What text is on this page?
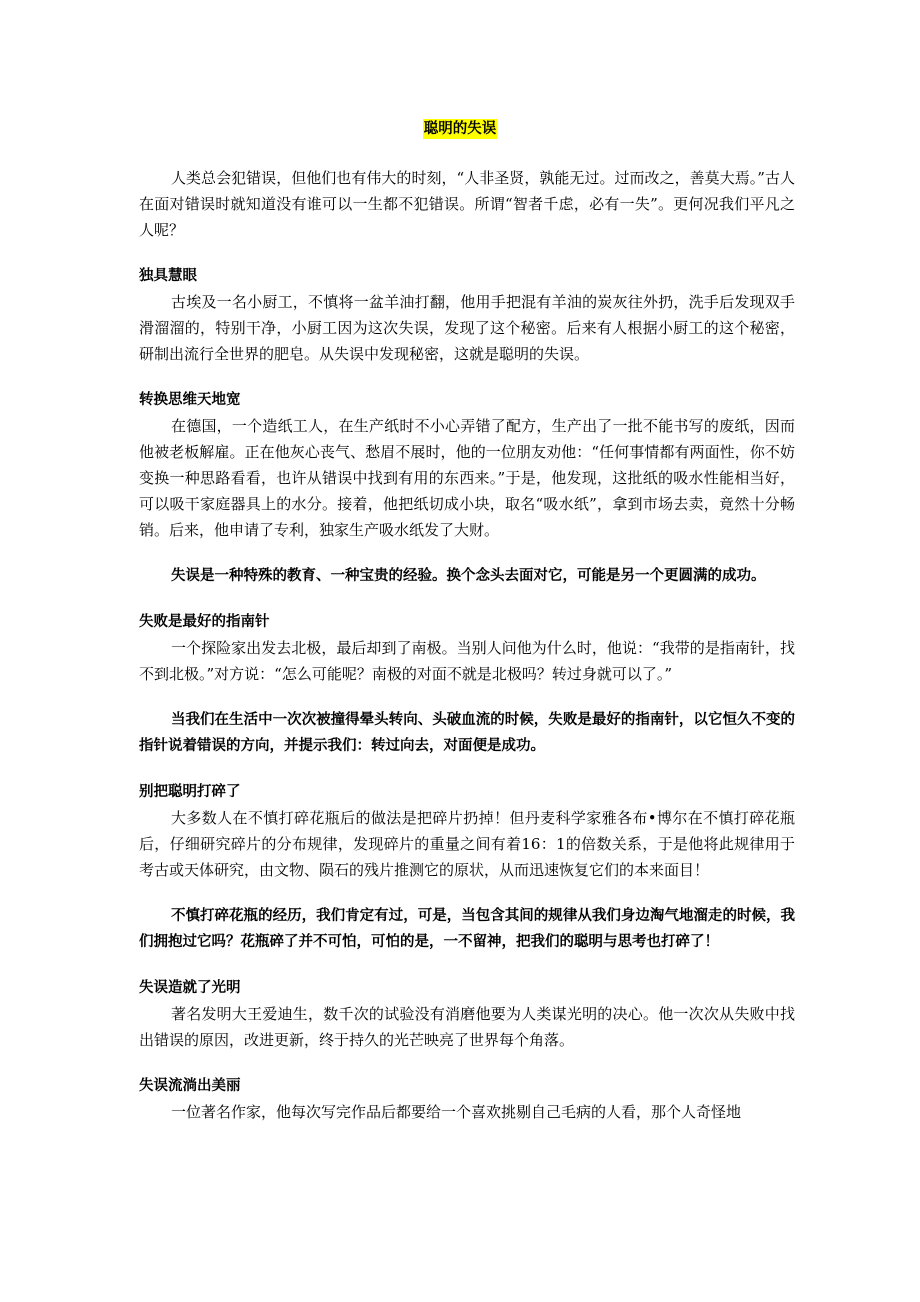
聪明的失误

人类总会犯错误，但他们也有伟大的时刻，“人非圣贤，孰能无过。过而改之，善莫大焉。”古人在面对错误时就知道没有谁可以一生都不犯错误。所谓“智者千虑，必有一失”。更何况我们平凡之人呢？

独具慧眼

古埃及一名小厨工，不慎将一盆羊油打翻，他用手把混有羊油的炭灰往外扔，洗手后发现双手滑溜溜的，特别干净，小厨工因为这次失误，发现了这个秘密。后来有人根据小厨工的这个秘密，研制出流行全世界的肥皂。从失误中发现秘密，这就是聪明的失误。

转换思维天地宽

在德国，一个造纸工人，在生产纸时不小心弄错了配方，生产出了一批不能书写的废纸，因而他被老板解雇。正在他灰心丧气、愁眉不展时，他的一位朋友劝他：“任何事情都有两面性，你不妨变换一种思路看看，也许从错误中找到有用的东西来。”于是，他发现，这批纸的吸水性能相当好，可以吸干家庭器具上的水分。接着，他把纸切成小块，取名“吸水纸”，拿到市场去卖，竟然十分畅销。后来，他申请了专利，独家生产吸水纸发了大财。

失误是一种特殊的教育、一种宝贵的经验。换个念头去面对它，可能是另一个更圆满的成功。

失败是最好的指南针

一个探险家出发去北极，最后却到了南极。当别人问他为什么时，他说：“我带的是指南针，找不到北极。”对方说：“怎么可能呢？南极的对面不就是北极吗？转过身就可以了。”

当我们在生活中一次次被撞得晕头转向、头破血流的时候，失败是最好的指南针，以它恒久不变的指针说着错误的方向，并提示我们：转过向去，对面便是成功。

别把聪明打碎了

大多数人在不慎打碎花瓶后的做法是把碎片扔掉！但丹麦科学家雅各布•博尔在不慎打碎花瓶后，仔细研究碎片的分布规律，发现碎片的重量之间有着16：1的倍数关系，于是他将此规律用于考古或天体研究，由文物、陨石的残片推测它的原状，从而迅速恢复它们的本来面目！

不慎打碎花瓶的经历，我们肯定有过，可是，当包含其间的规律从我们身边淘气地溜走的时候，我们拥抱过它吗？花瓶碎了并不可怕，可怕的是，一不留神，把我们的聪明与思考也打碎了！

失误造就了光明

著名发明大王爱迪生，数千次的试验没有消磨他要为人类谋光明的决心。他一次次从失败中找出错误的原因，改进更新，终于持久的光芒映亮了世界每个角落。

失误流淌出美丽

一位著名作家，他每次写完作品后都要给一个喜欢挑剔自己毛病的人看，那个人奇怪地
